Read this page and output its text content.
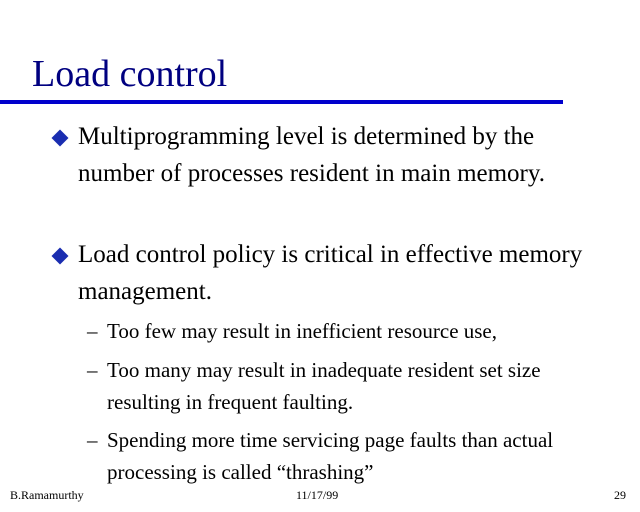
Load control
Multiprogramming level is determined by the number of processes resident in main memory.
Load control policy is critical in effective memory management.
– Too few may result in inefficient resource use,
– Too many may result in inadequate resident set size resulting in frequent faulting.
– Spending more time servicing page faults than actual processing is called “thrashing”
B.Ramamurthy	11/17/99	29
